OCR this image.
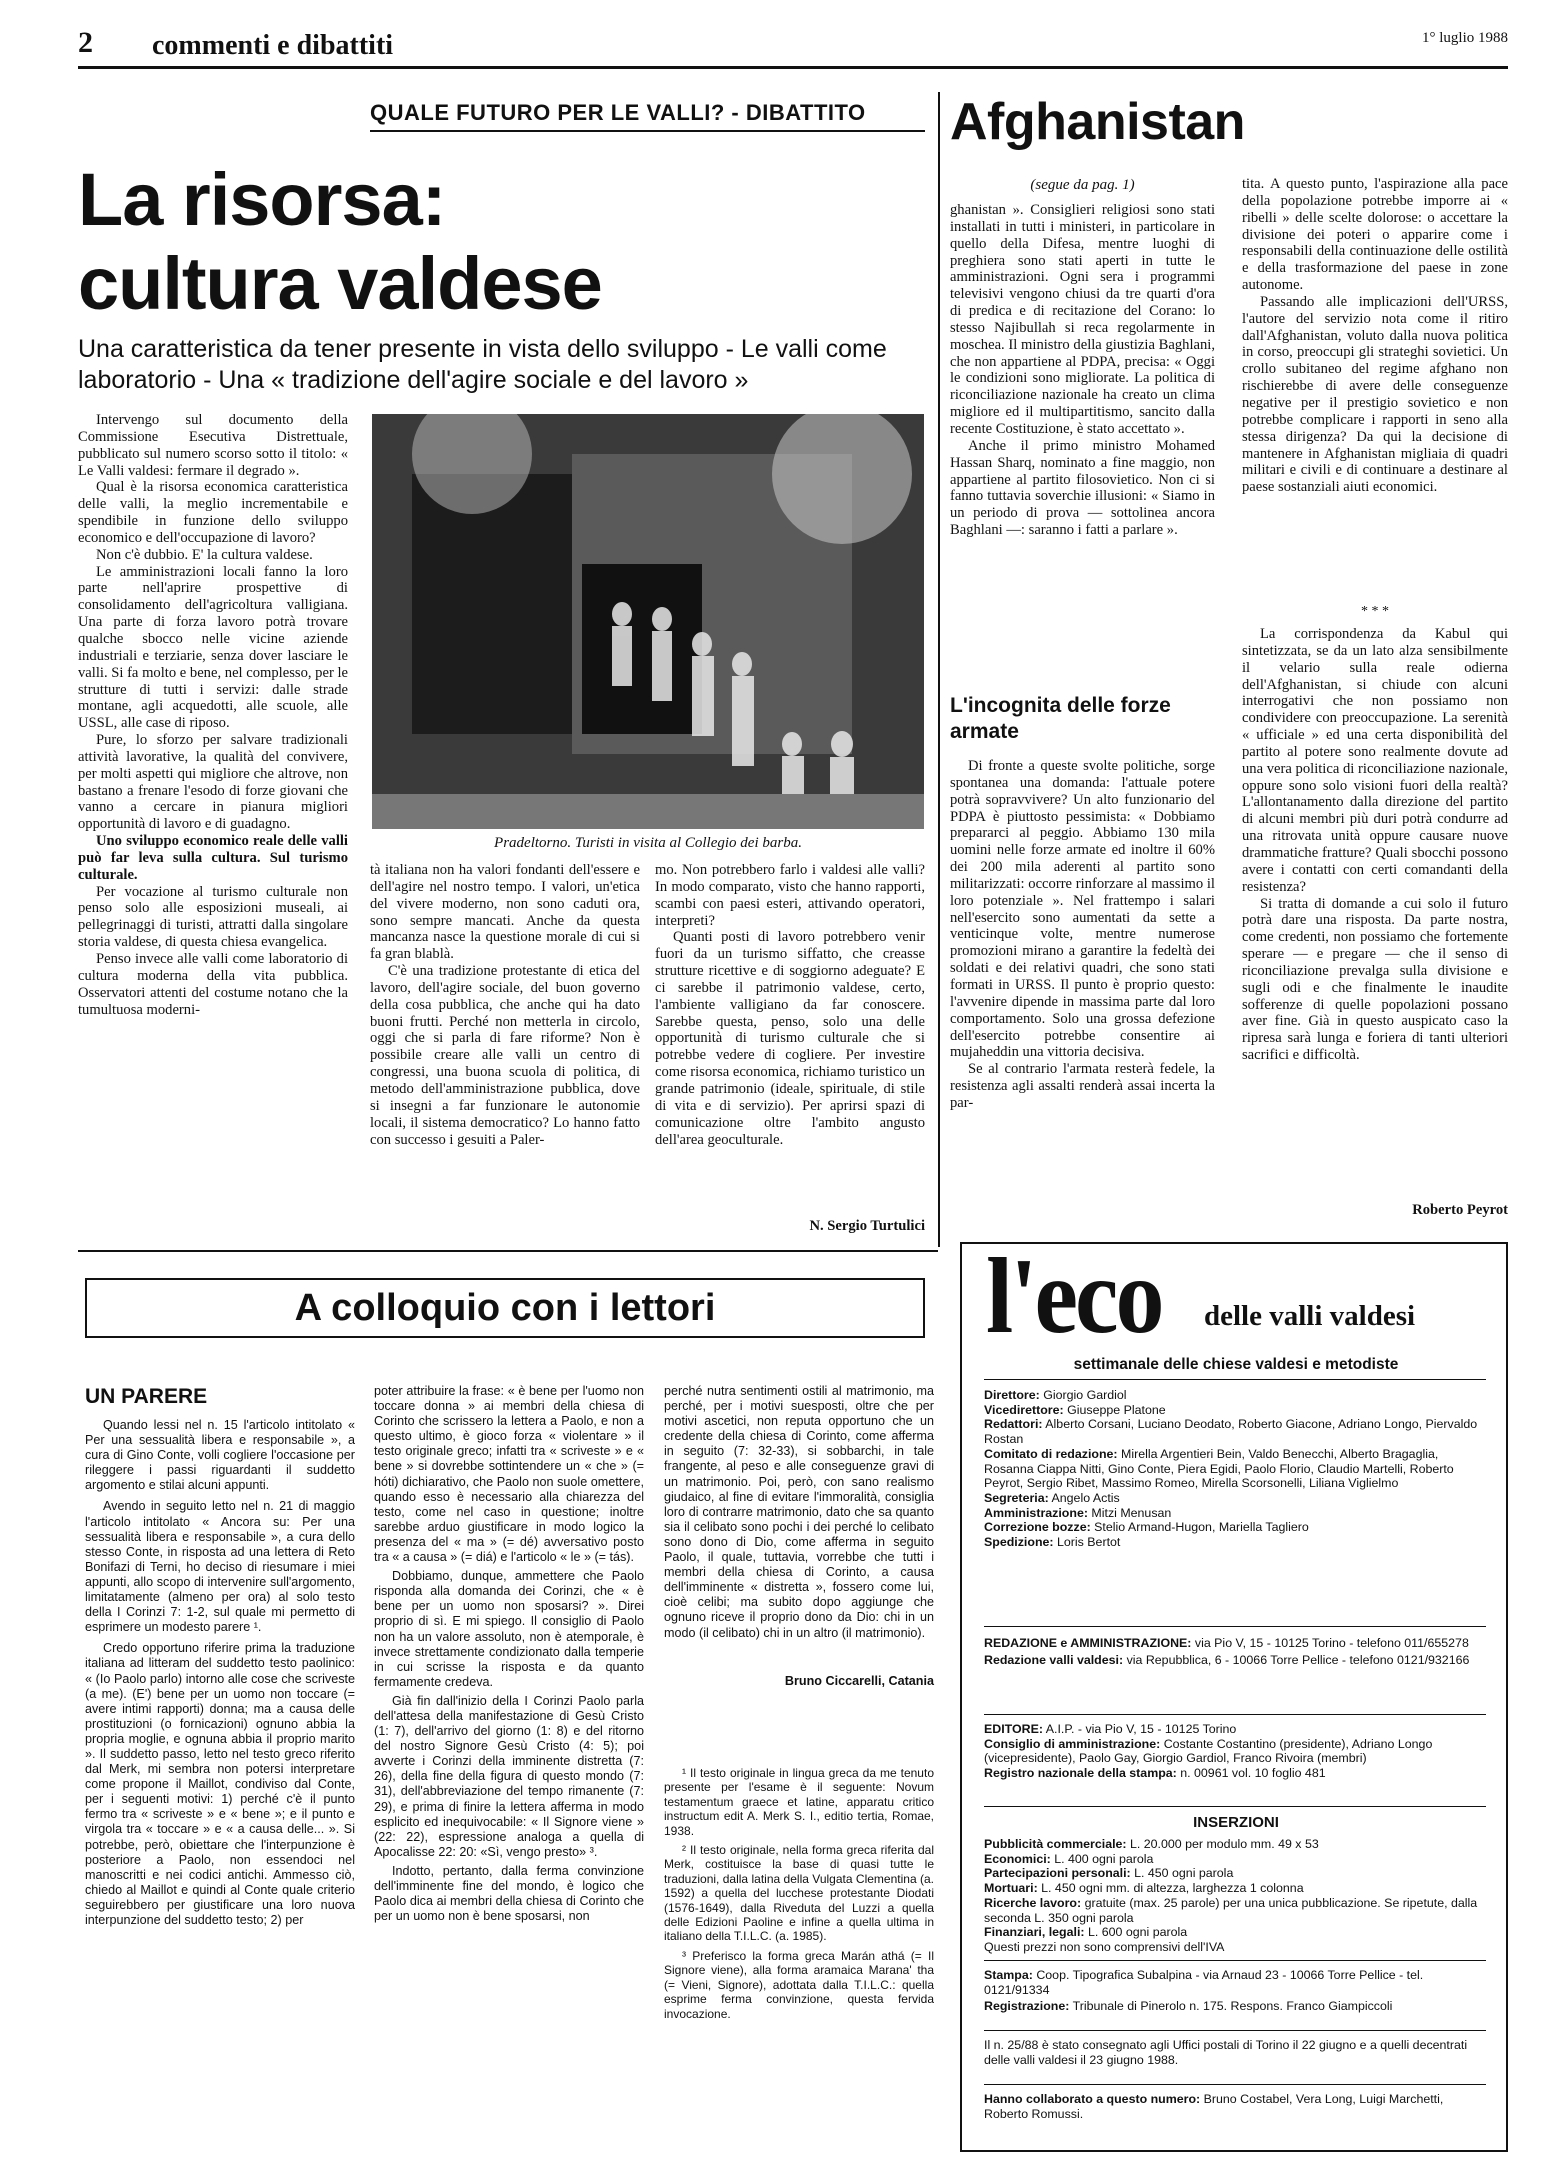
2 commenti e dibattiti	1° luglio 1988
QUALE FUTURO PER LE VALLI? - DIBATTITO
La risorsa:
cultura valdese
Una caratteristica da tener presente in vista dello sviluppo - Le valli come laboratorio - Una « tradizione dell'agire sociale e del lavoro »

Intervengo sul documento della Commissione Esecutiva Distrettuale, pubblicato sul numero scorso sotto il titolo: « Le Valli valdesi: fermare il degrado ».

Qual è la risorsa economica caratteristica delle valli, la meglio incrementabile e spendibile in funzione dello sviluppo economico e dell'occupazione di lavoro?

Non c'è dubbio. E' la cultura valdese.

Le amministrazioni locali fanno la loro parte nell'aprire prospettive di consolidamento dell'agricoltura valligiana. Una parte di forza lavoro potrà trovare qualche sbocco nelle vicine aziende industriali e terziarie, senza dover lasciare le valli. Si fa molto e bene, nel complesso, per le strutture di tutti i servizi: dalle strade montane, agli acquedotti, alle scuole, alle USSL, alle case di riposo.

Pure, lo sforzo per salvare tradizionali attività lavorative, la qualità del convivere, per molti aspetti qui migliore che altrove, non bastano a frenare l'esodo di forze giovani che vanno a cercare in pianura migliori opportunità di lavoro e di guadagno.

Uno sviluppo economico reale delle valli può far leva sulla cultura. Sul turismo culturale.

Per vocazione al turismo culturale non penso solo alle esposizioni museali, ai pellegrinaggi di turisti, attratti dalla singolare storia valdese, di questa chiesa evangelica.

Penso invece alle valli come laboratorio di cultura moderna della vita pubblica. Osservatori attenti del costume notano che la tumultuosa moderni-

Pradeltorno. Turisti in visita al Collegio dei barba.

tà italiana non ha valori fondanti dell'essere e dell'agire nel nostro tempo. I valori, un'etica del vivere moderno, non sono caduti ora, sono sempre mancati. Anche da questa mancanza nasce la questione morale di cui si fa gran blablà.

C'è una tradizione protestante di etica del lavoro, dell'agire sociale, del buon governo della cosa pubblica, che anche qui ha dato buoni frutti. Perché non metterla in circolo, oggi che si parla di fare riforme? Non è possibile creare alle valli un centro di congressi, una buona scuola di politica, di metodo dell'amministrazione pubblica, dove si insegni a far funzionare le autonomie locali, il sistema democratico? Lo hanno fatto con successo i gesuiti a Paler-

mo. Non potrebbero farlo i valdesi alle valli? In modo comparato, visto che hanno rapporti, scambi con paesi esteri, attivando operatori, interpreti?

Quanti posti di lavoro potrebbero venir fuori da un turismo siffatto, che creasse strutture ricettive e di soggiorno adeguate? E ci sarebbe il patrimonio valdese, certo, l'ambiente valligiano da far conoscere. Sarebbe questa, penso, solo una delle opportunità di turismo culturale che si potrebbe vedere di cogliere. Per investire come risorsa economica, richiamo turistico un grande patrimonio (ideale, spirituale, di stile di vita e di servizio). Per aprirsi spazi di comunicazione oltre l'ambito angusto dell'area geoculturale.

N. Sergio Turtulici
Afghanistan
(segue da pag. 1)

ghanistan ». Consiglieri religiosi sono stati installati in tutti i ministeri, in particolare in quello della Difesa, mentre luoghi di preghiera sono stati aperti in tutte le amministrazioni. Ogni sera i programmi televisivi vengono chiusi da tre quarti d'ora di predica e di recitazione del Corano: lo stesso Najibullah si reca regolarmente in moschea. Il ministro della giustizia Baghlani, che non appartiene al PDPA, precisa: « Oggi le condizioni sono migliorate. La politica di riconciliazione nazionale ha creato un clima migliore ed il multipartitismo, sancito dalla recente Costituzione, è stato accettato ».

Anche il primo ministro Mohamed Hassan Sharq, nominato a fine maggio, non appartiene al partito filosovietico. Non ci si fanno tuttavia soverchie illusioni: « Siamo in un periodo di prova — sottolinea ancora Baghlani —: saranno i fatti a parlare ».

L'incognita delle forze armate

Di fronte a queste svolte politiche, sorge spontanea una domanda: l'attuale potere potrà sopravvivere? Un alto funzionario del PDPA è piuttosto pessimista: « Dobbiamo prepararci al peggio. Abbiamo 130 mila uomini nelle forze armate ed inoltre il 60% dei 200 mila aderenti al partito sono militarizzati: occorre rinforzare al massimo il loro potenziale ». Nel frattempo i salari nell'esercito sono aumentati da sette a venticinque volte, mentre numerose promozioni mirano a garantire la fedeltà dei soldati e dei relativi quadri, che sono stati formati in URSS. Il punto è proprio questo: l'avvenire dipende in massima parte dal loro comportamento. Solo una grossa defezione dell'esercito potrebbe consentire ai mujaheddin una vittoria decisiva.

Se al contrario l'armata resterà fedele, la resistenza agli assalti renderà assai incerta la par-

tita. A questo punto, l'aspirazione alla pace della popolazione potrebbe imporre ai « ribelli » delle scelte dolorose: o accettare la divisione dei poteri o apparire come i responsabili della continuazione delle ostilità e della trasformazione del paese in zone autonome.

Passando alle implicazioni dell'URSS, l'autore del servizio nota come il ritiro dall'Afghanistan, voluto dalla nuova politica in corso, preoccupi gli strateghi sovietici. Un crollo subitaneo del regime afghano non rischierebbe di avere delle conseguenze negative per il prestigio sovietico e non potrebbe complicare i rapporti in seno alla stessa dirigenza? Da qui la decisione di mantenere in Afghanistan migliaia di quadri militari e civili e di continuare a destinare al paese sostanziali aiuti economici.

* * *

La corrispondenza da Kabul qui sintetizzata, se da un lato alza sensibilmente il velario sulla reale odierna dell'Afghanistan, si chiude con alcuni interrogativi che non possiamo non condividere con preoccupazione. La serenità « ufficiale » ed una certa disponibilità del partito al potere sono realmente dovute ad una vera politica di riconciliazione nazionale, oppure sono solo visioni fuori della realtà? L'allontanamento dalla direzione del partito di alcuni membri più duri potrà condurre ad una ritrovata unità oppure causare nuove drammatiche fratture? Quali sbocchi possono avere i contatti con certi comandanti della resistenza?

Si tratta di domande a cui solo il futuro potrà dare una risposta. Da parte nostra, come credenti, non possiamo che fortemente sperare — e pregare — che il senso di riconciliazione prevalga sulla divisione e sugli odi e che finalmente le inaudite sofferenze di quelle popolazioni possano aver fine. Già in questo auspicato caso la ripresa sarà lunga e foriera di tanti ulteriori sacrifici e difficoltà.

Roberto Peyrot
A colloquio con i lettori
UN PARERE

Quando lessi nel n. 15 l'articolo intitolato « Per una sessualità libera e responsabile », a cura di Gino Conte, volli cogliere l'occasione per rileggere i passi riguardanti il suddetto argomento e stilai alcuni appunti.

Avendo in seguito letto nel n. 21 di maggio l'articolo intitolato « Ancora su: Per una sessualità libera e responsabile », a cura dello stesso Conte, in risposta ad una lettera di Reto Bonifazi di Terni, ho deciso di riesumare i miei appunti, allo scopo di intervenire sull'argomento, limitatamente (almeno per ora) al solo testo della I Corinzi 7: 1-2, sul quale mi permetto di esprimere un modesto parere ¹.

Credo opportuno riferire prima la traduzione italiana ad litteram del suddetto testo paolinico: « (Io Paolo parlo) intorno alle cose che scriveste (a me). (E') bene per un uomo non toccare (= avere intimi rapporti) donna; ma a causa delle prostituzioni (o fornicazioni) ognuno abbia la propria moglie, e ognuna abbia il proprio marito ». Il suddetto passo, letto nel testo greco riferito dal Merk, mi sembra non potersi interpretare come propone il Maillot, condiviso dal Conte, per i seguenti motivi: 1) perché c'è il punto fermo tra « scriveste » e « bene »; e il punto e virgola tra « toccare » e « a causa delle... ». Si potrebbe, però, obiettare che l'interpunzione è posteriore a Paolo, non essendoci nel manoscritti e nei codici antichi. Ammesso ciò, chiedo al Maillot e quindi al Conte quale criterio seguirebbero per giustificare una loro nuova interpunzione del suddetto testo; 2) per

poter attribuire la frase: « è bene per l'uomo non toccare donna » ai membri della chiesa di Corinto che scrissero la lettera a Paolo, e non a questo ultimo, è gioco forza « violentare » il testo originale greco; infatti tra « scriveste » e « bene » si dovrebbe sottintendere un « che » (= hóti) dichiarativo, che Paolo non suole omettere, quando esso è necessario alla chiarezza del testo, come nel caso in questione; inoltre sarebbe arduo giustificare in modo logico la presenza del « ma » (= dé) avversativo posto tra « a causa » (= diá) e l'articolo « le » (= tás).

Dobbiamo, dunque, ammettere che Paolo risponda alla domanda dei Corinzi, che « è bene per un uomo non sposarsi? ». Direi proprio di sì. E mi spiego. Il consiglio di Paolo non ha un valore assoluto, non è atemporale, è invece strettamente condizionato dalla temperie in cui scrisse la risposta e da quanto fermamente credeva.

Già fin dall'inizio della I Corinzi Paolo parla dell'attesa della manifestazione di Gesù Cristo (1: 7), dell'arrivo del giorno (1: 8) e del ritorno del nostro Signore Gesù Cristo (4: 5); poi avverte i Corinzi della imminente distretta (7: 26), della fine della figura di questo mondo (7: 31), dell'abbreviazione del tempo rimanente (7: 29), e prima di finire la lettera afferma in modo esplicito ed inequivocabile: « Il Signore viene » (22: 22), espressione analoga a quella di Apocalisse 22: 20: «Sì, vengo presto» ³.

Indotto, pertanto, dalla ferma convinzione dell'imminente fine del mondo, è logico che Paolo dica ai membri della chiesa di Corinto che per un uomo non è bene sposarsi, non

perché nutra sentimenti ostili al matrimonio, ma perché, per i motivi suesposti, oltre che per motivi ascetici, non reputa opportuno che un credente della chiesa di Corinto, come afferma in seguito (7: 32-33), si sobbarchi, in tale frangente, al peso e alle conseguenze gravi di un matrimonio. Poi, però, con sano realismo giudaico, al fine di evitare l'immoralità, consiglia loro di contrarre matrimonio, dato che sa quanto sia il celibato sono pochi i dei perché lo celibato sono dono di Dio, come afferma in seguito Paolo, il quale, tuttavia, vorrebbe che tutti i membri della chiesa di Corinto, a causa dell'imminente « distretta », fossero come lui, cioè celibi; ma subito dopo aggiunge che ognuno riceve il proprio dono da Dio: chi in un modo (il celibato) chi in un altro (il matrimonio).

Bruno Ciccarelli, Catania

¹ Il testo originale in lingua greca da me tenuto presente per l'esame è il seguente: Novum testamentum graece et latine, apparatu critico instructum edit A. Merk S. I., editio tertia, Romae, 1938.

² Il testo originale, nella forma greca riferita dal Merk, costituisce la base di quasi tutte le traduzioni, dalla latina della Vulgata Clementina (a. 1592) a quella del lucchese protestante Diodati (1576-1649), dalla Riveduta del Luzzi a quella delle Edizioni Paoline e infine a quella ultima in italiano della T.I.L.C. (a. 1985).

³ Preferisco la forma greca Marán athá (= Il Signore viene), alla forma aramaica Marana' tha (= Vieni, Signore), adottata dalla T.I.L.C.: quella esprime ferma convinzione, questa fervida invocazione.

l'eco delle valli valdesi
settimanale delle chiese valdesi e metodiste
Direttore: Giorgio Gardiol
Vicedirettore: Giuseppe Platone
Redattori: Alberto Corsani, Luciano Deodato, Roberto Giacone, Adriano Longo, Piervaldo Rostan
Comitato di redazione: Mirella Argentieri Bein, Valdo Benecchi, Alberto Bragaglia, Rosanna Ciappa Nitti, Gino Conte, Piera Egidi, Paolo Florio, Claudio Martelli, Roberto Peyrot, Sergio Ribet, Massimo Romeo, Mirella Scorsonelli, Liliana Viglielmo
Segreteria: Angelo Actis
Amministrazione: Mitzi Menusan
Correzione bozze: Stelio Armand-Hugon, Mariella Tagliero
Spedizione: Loris Bertot
REDAZIONE e AMMINISTRAZIONE: via Pio V, 15 - 10125 Torino - telefono 011/655278
Redazione valli valdesi: via Repubblica, 6 - 10066 Torre Pellice - telefono 0121/932166
EDITORE: A.I.P. - via Pio V, 15 - 10125 Torino
Consiglio di amministrazione: Costante Costantino (presidente), Adriano Longo (vicepresidente), Paolo Gay, Giorgio Gardiol, Franco Rivoira (membri)
Registro nazionale della stampa: n. 00961 vol. 10 foglio 481
INSERZIONI
Pubblicità commerciale: L. 20.000 per modulo mm. 49 x 53
Economici: L. 400 ogni parola
Partecipazioni personali: L. 450 ogni parola
Mortuari: L. 450 ogni mm. di altezza, larghezza 1 colonna
Ricerche lavoro: gratuite (max. 25 parole) per una unica pubblicazione. Se ripetute, dalla seconda L. 350 ogni parola
Finanziari, legali: L. 600 ogni parola
Questi prezzi non sono comprensivi dell'IVA
Stampa: Coop. Tipografica Subalpina - via Arnaud 23 - 10066 Torre Pellice - tel. 0121/91334
Registrazione: Tribunale di Pinerolo n. 175. Respons. Franco Giampiccoli
Il n. 25/88 è stato consegnato agli Uffici postali di Torino il 22 giugno e a quelli decentrati delle valli valdesi il 23 giugno 1988.
Hanno collaborato a questo numero: Bruno Costabel, Vera Long, Luigi Marchetti, Roberto Romussi.
